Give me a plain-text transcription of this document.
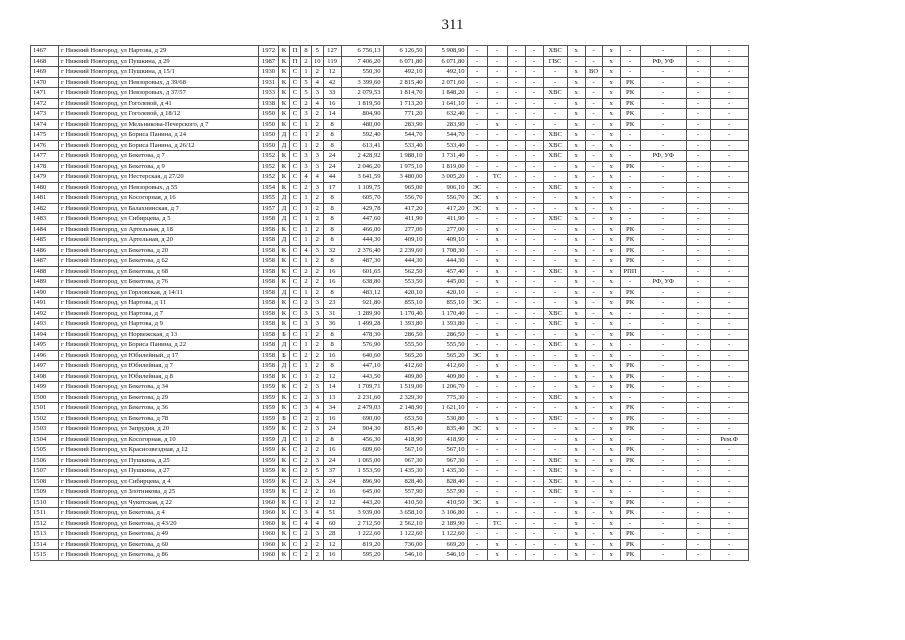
311
1467	г Нижний Новгород, ул Нартова, д 29	1972	К	П	8	5	127	6 756,13	6 126,50	5 908,90	-	-	-	-	ХВС	х	-	х	-	-	-	-
1468	г Нижний Новгород, ул Пушкина, д 29	1987	К	П	2	10	119	7 406,20	6 071,80	6 071,80	-	-	-	-	ГВС	-	-	х	-	РФ, УФ	-	-
1469	г Нижний Новгород, ул Пушкина, д 15/1	1930	К	С	1	2	12	550,30	492,10	492,10	-	-	-	-	-	х	ВО	х	-	-	-	-
1470	г Нижний Новгород, ул Невзоровых, д 39/68	1931	К	С	5	4	42	3 399,60	2 815,40	2 071,60	-	-	-	-	-	х	-	х	РК	-	-	-
1471	г Нижний Новгород, ул Невзоровых, д 37/57	1933	К	С	5	3	33	2 079,53	1 814,70	1 848,20	-	-	-	-	ХВС	х	-	х	РК	-	-	-
1472	г Нижний Новгород, ул Гоголевой, д 41	1938	К	С	2	4	16	1 819,50	1 713,20	1 641,10	-	-	-	-	-	х	-	х	РК	-	-	-
1473	г Нижний Новгород, ул Гоголевой, д 18/12	1950	К	С	3	2	14	804,90	771,20	632,40	-	-	-	-	-	х	-	х	РК	-	-	-
1474	г Нижний Новгород, ул Мельникова-Печерского, д 7	1950	К	С	1	2	8	480,00	283,90	283,90	-	х	-	-	-	х	-	х	РК	-	-	-
1475	г Нижний Новгород, ул Бориса Панина, д 24	1950	Д	С	1	2	8	592,40	544,70	544,70	-	-	-	-	ХВС	х	-	х	-	-	-	-
1476	г Нижний Новгород, ул Бориса Панина, д 26/12	1950	Д	С	1	2	8	613,41	533,40	533,40	-	-	-	-	ХВС	х	-	х	-	-	-	-
1477	г Нижний Новгород, ул Бекетова, д 7	1952	К	С	3	3	24	2 428,92	1 988,10	1 731,40	-	-	-	-	ХВС	х	-	х	-	РФ, УФ	-	-
1478	г Нижний Новгород, ул Бекетова, д 9	1952	К	С	3	3	24	2 046,20	1 975,10	1 819,00	-	-	-	-	-	х	-	х	РК	-	-	-
1479	г Нижний Новгород, ул Нестерская, д 27/20	1952	К	С	4	4	44	3 641,59	3 480,00	3 005,20	-	ТС	-	-	-	х	-	х	-	-	-	-
1480	г Нижний Новгород, ул Невзоровых, д 55	1954	К	С	2	3	17	1 109,75	965,00	906,10	ЭС	-	-	-	ХВС	х	-	х	-	-	-	-
1481	г Нижний Новгород, ул Косогорная, д 16	1955	Д	С	1	2	8	605,70	556,70	556,70	ЭС	х	-	-	-	х	-	х	-	-	-	-
1482	г Нижний Новгород, ул Балахнинская, д 7	1957	Д	С	1	2	8	429,78	417,20	417,20	ЭС	х	-	-	-	х	-	х	-	-	-	-
1483	г Нижний Новгород, ул Сибирцева, д 5	1958	Д	С	1	2	8	447,60	411,90	411,90	-	-	-	-	ХВС	х	-	х	-	-	-	-
1484	г Нижний Новгород, ул Артельная, д 18	1958	К	С	1	2	8	466,00	277,00	277,00	-	х	-	-	-	х	-	х	РК	-	-	-
1485	г Нижний Новгород, ул Артельная, д 20	1958	Д	С	1	2	8	444,30	409,10	409,10	-	х	-	-	-	х	-	х	РК	-	-	-
1486	г Нижний Новгород, ул Бекетова, д 20	1958	К	С	4	3	32	2 376,40	2 239,60	1 708,30	-	-	-	-	-	х	-	х	РК	-	-	-
1487	г Нижний Новгород, ул Бекетова, д 62	1958	К	С	1	2	8	487,30	444,30	444,30	-	х	-	-	-	х	-	х	РК	-	-	-
1488	г Нижний Новгород, ул Бекетова, д 68	1958	К	С	2	2	16	601,65	562,50	457,40	-	х	-	-	ХВС	х	-	х	РПП	-	-	-
1489	г Нижний Новгород, ул Бекетова, д 76	1958	К	С	2	2	16	638,80	553,50	445,00	-	х	-	-	-	х	-	х	-	РФ, УФ	-	-
1490	г Нижний Новгород, ул Горловская, д 14/11	1958	Д	С	1	2	8	483,12	420,10	420,10	-	-	-	-	-	х	-	х	РК	-	-	-
1491	г Нижний Новгород, ул Нартова, д 11	1958	К	С	2	3	23	921,80	855,10	855,10	ЭС	-	-	-	-	х	-	х	РК	-	-	-
1492	г Нижний Новгород, ул Нартова, д 7	1958	К	С	3	3	31	1 289,90	1 170,40	1 170,40	-	-	-	-	ХВС	х	-	х	-	-	-	-
1493	г Нижний Новгород, ул Нартова, д 9	1958	К	С	3	3	36	1 499,28	1 393,80	1 393,80	-	-	-	-	ХВС	х	-	х	-	-	-	-
1494	г Нижний Новгород, ул Норвежская, д 13	1958	Б	С	1	2	8	478,30	286,50	286,50	-	х	-	-	-	х	-	х	РК	-	-	-
1495	г Нижний Новгород, ул Бориса Панина, д 22	1958	Д	С	1	2	8	576,90	555,50	555,50	-	-	-	-	ХВС	х	-	х	-	-	-	-
1496	г Нижний Новгород, ул Юбилейный, д 17	1958	Б	С	2	2	16	640,60	565,20	565,20	ЭС	х	-	-	-	х	-	х	-	-	-	-
1497	г Нижний Новгород, ул Юбилейная, д 7	1958	Д	С	1	2	8	447,10	412,60	412,60	-	х	-	-	-	х	-	х	РК	-	-	-
1498	г Нижний Новгород, ул Юбилейная, д 8	1958	К	С	1	2	12	443,50	409,80	409,80	-	х	-	-	-	х	-	х	РК	-	-	-
1499	г Нижний Новгород, ул Бекетова, д 34	1959	К	С	2	3	14	1 709,71	1 519,00	1 206,70	-	-	-	-	-	х	-	х	РК	-	-	-
1500	г Нижний Новгород, ул Бекетова, д 29	1959	К	С	2	3	13	2 231,60	2 329,30	775,30	-	-	-	-	ХВС	х	-	х	-	-	-	-
1501	г Нижний Новгород, ул Бекетова, д 36	1959	К	С	3	4	34	2 479,03	2 148,90	1 621,10	-	-	-	-	-	х	-	х	РК	-	-	-
1502	г Нижний Новгород, ул Бекетова, д 78	1959	Б	С	2	2	16	690,00	653,50	530,80	-	х	-	-	ХВС	-	-	х	РК	-	-	-
1503	г Нижний Новгород, ул Запрудия, д 20	1959	К	С	2	3	24	904,30	815,40	835,40	ЭС	х	-	-	-	х	-	х	РК	-	-	-
1504	г Нижний Новгород, ул Косогорная, д 10	1959	Д	С	1	2	8	456,30	418,90	418,90	-	-	-	-	-	х	-	х	-	-	-	Рем.Ф
1505	г Нижний Новгород, ул Краснозвездная, д 12	1959	К	С	2	2	16	609,60	567,10	567,10	-	-	-	-	-	х	-	х	РК	-	-	-
1506	г Нижний Новгород, ул Пушкина, д 25	1959	К	С	2	3	24	1 065,00	967,30	967,30	-	-	-	-	ХВС	х	-	х	РК	-	-	-
1507	г Нижний Новгород, ул Пушкина, д 27	1959	К	С	2	5	37	1 553,50	1 435,30	1 435,30	-	-	-	-	ХВС	х	-	х	-	-	-	-
1508	г Нижний Новгород, ул Сибирцева, д 4	1959	К	С	2	3	24	896,90	828,40	828,40	-	-	-	-	ХВС	х	-	х	-	-	-	-
1509	г Нижний Новгород, ул Злотникова, д 25	1959	К	С	2	2	16	645,00	557,90	557,90	-	-	-	-	ХВС	х	-	х	-	-	-	-
1510	г Нижний Новгород, ул Чукотская, д 22	1960	К	С	1	2	12	443,20	410,50	410,50	ЭС	х	-	-	-	х	-	х	РК	-	-	-
1511	г Нижний Новгород, ул Бекетова, д 4	1960	К	С	3	4	51	3 939,00	3 658,10	3 106,80	-	-	-	-	-	х	-	х	РК	-	-	-
1512	г Нижний Новгород, ул Бекетова, д 43/20	1960	К	С	4	4	60	2 712,50	2 562,10	2 189,90	-	ТС	-	-	-	х	-	х	-	-	-	-
1513	г Нижний Новгород, ул Бекетова, д 49	1960	К	С	2	3	28	1 222,60	1 122,60	1 122,60	-	-	-	-	-	х	-	х	РК	-	-	-
1514	г Нижний Новгород, ул Бекетова, д 60	1960	К	С	2	2	12	819,20	736,00	669,20	-	х	-	-	-	х	-	х	РК	-	-	-
1515	г Нижний Новгород, ул Бекетова, д 86	1960	К	С	2	2	16	595,20	546,10	546,10	-	х	-	-	-	х	-	х	РК	-	-	-
